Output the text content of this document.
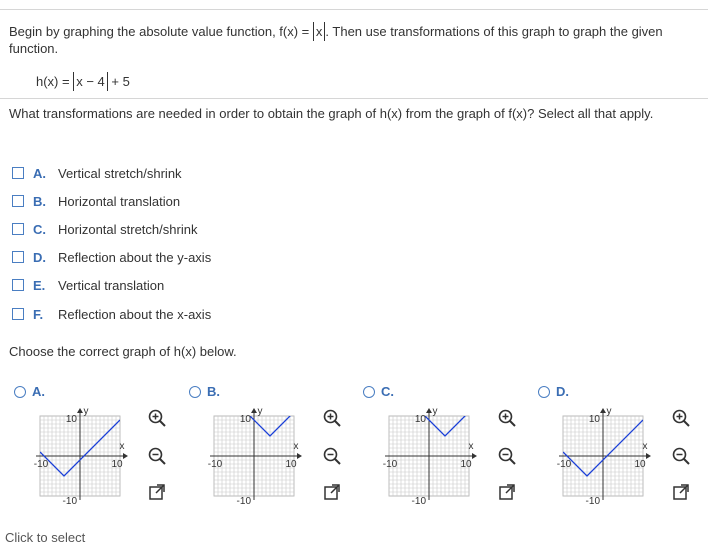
Begin by graphing the absolute value function, f(x) = x . Then use transformations of this graph to graph the given function.
h(x) = x − 4 + 5
What transformations are needed in order to obtain the graph of h(x) from the graph of f(x)? Select all that apply.
A. Vertical stretch/shrink
B. Horizontal translation
C. Horizontal stretch/shrink
D. Reflection about the y-axis
E. Vertical translation
F.	Reflection about the x-axis
Choose the correct graph of h(x) below.
A.	B.	C.	D.
10
-10
-10	10
x
y
10
-10
-10	10
x
y
10
-10
-10	10
x
y
10
-10
-10	10
x
y
Click to select
